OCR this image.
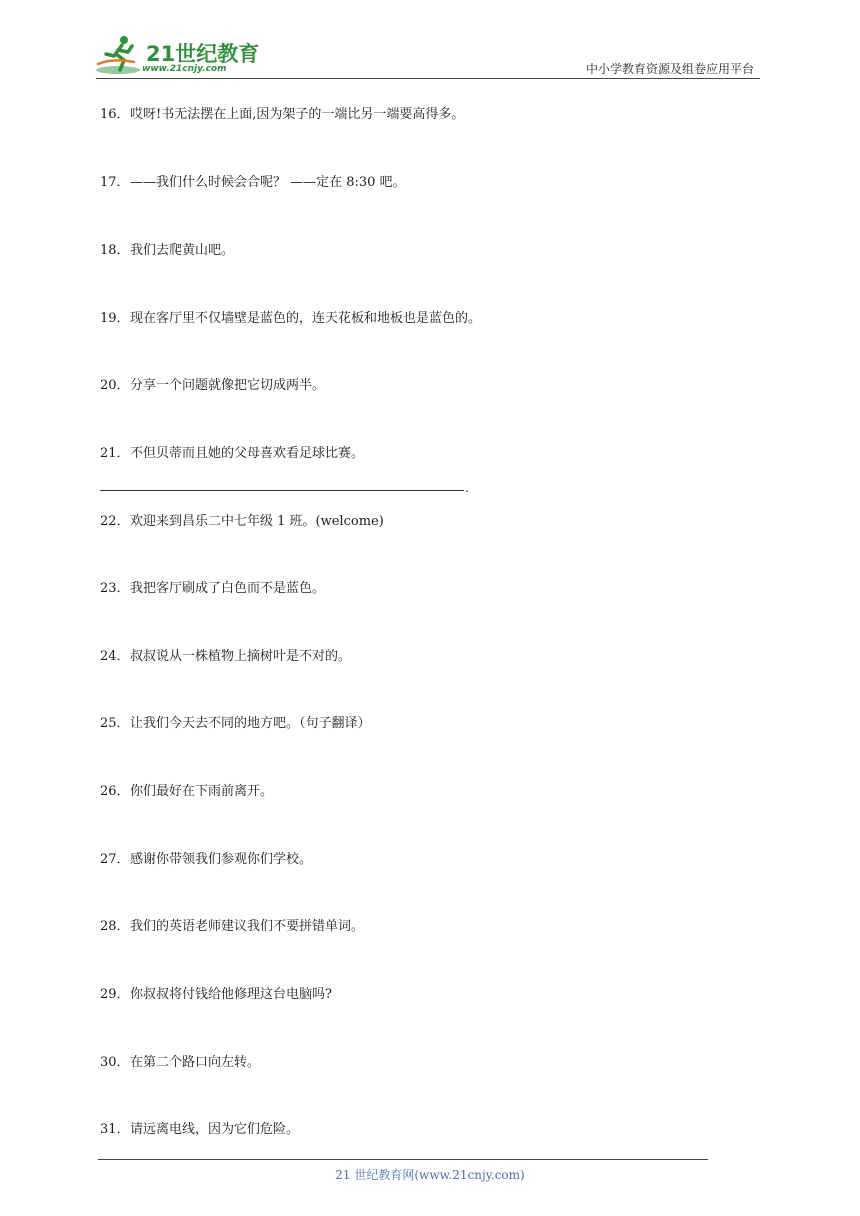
21世纪教育
www.21cnjy.com	中小学教育资源及组卷应用平台
16．哎呀!书无法摆在上面,因为架子的一端比另一端要高得多。
17．——我们什么时候会合呢？ ——定在 8:30 吧。
18．我们去爬黄山吧。
19．现在客厅里不仅墙壁是蓝色的，连天花板和地板也是蓝色的。
20．分享一个问题就像把它切成两半。
21．不但贝蒂而且她的父母喜欢看足球比赛。
22．欢迎来到昌乐二中七年级 1 班。(welcome)
23．我把客厅刷成了白色而不是蓝色。
24．叔叔说从一株植物上摘树叶是不对的。
25．让我们今天去不同的地方吧。（句子翻译）
26．你们最好在下雨前离开。
27．感谢你带领我们参观你们学校。
28．我们的英语老师建议我们不要拼错单词。
29．你叔叔将付钱给他修理这台电脑吗?
30．在第二个路口向左转。
31．请远离电线，因为它们危险。
.
21 世纪教育网(www.21cnjy.com)
